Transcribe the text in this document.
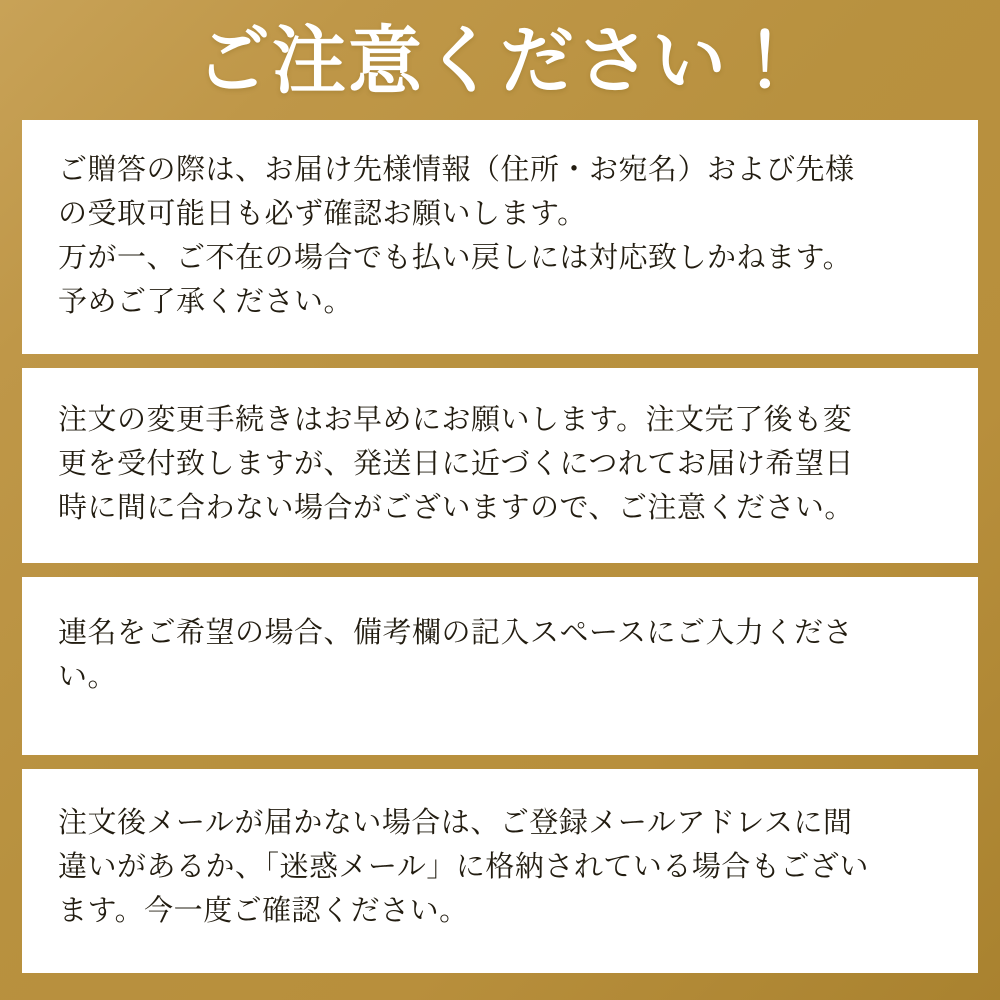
ご注意ください！

ご贈答の際は、お届け先様情報（住所・お宛名）および先様

の受取可能日も必ず確認お願いします。

万が一、ご不在の場合でも払い戻しには対応致しかねます。

予めご了承ください。

注文の変更手続きはお早めにお願いします。注文完了後も変

更を受付致しますが、発送日に近づくにつれてお届け希望日

時に間に合わない場合がございますので、ご注意ください。

連名をご希望の場合、備考欄の記入スペースにご入力くださ

い。

注文後メールが届かない場合は、ご登録メールアドレスに間

違いがあるか、「迷惑メール」に格納されている場合もござい

ます。今一度ご確認ください。
